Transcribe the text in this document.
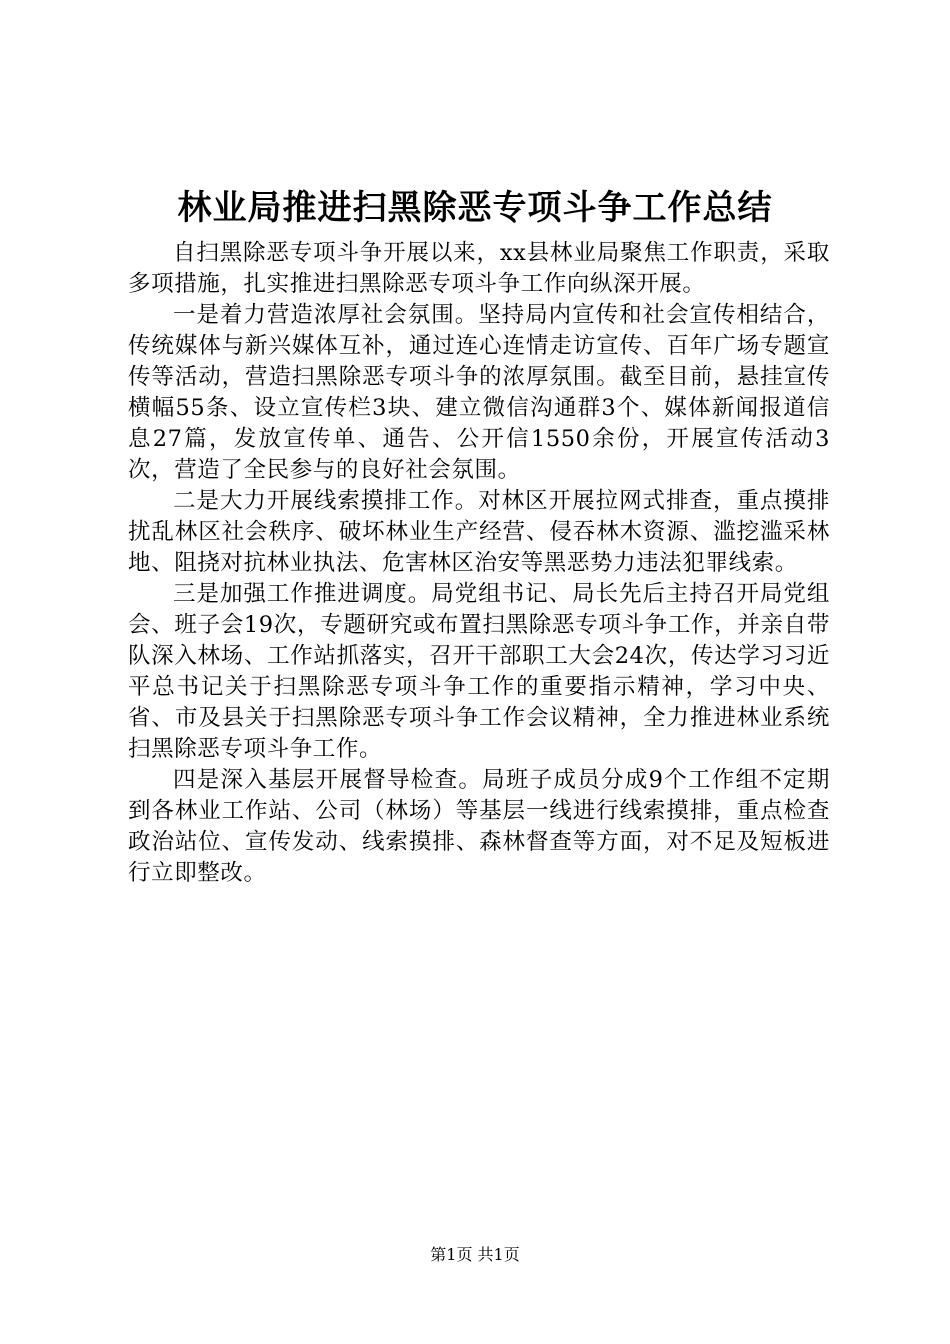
林业局推进扫黑除恶专项斗争工作总结

自扫黑除恶专项斗争开展以来，xx县林业局聚焦工作职责，采取多项措施，扎实推进扫黑除恶专项斗争工作向纵深开展。

一是着力营造浓厚社会氛围。坚持局内宣传和社会宣传相结合，传统媒体与新兴媒体互补，通过连心连情走访宣传、百年广场专题宣传等活动，营造扫黑除恶专项斗争的浓厚氛围。截至目前，悬挂宣传横幅55条、设立宣传栏3块、建立微信沟通群3个、媒体新闻报道信息27篇，发放宣传单、通告、公开信1550余份，开展宣传活动3次，营造了全民参与的良好社会氛围。

二是大力开展线索摸排工作。对林区开展拉网式排查，重点摸排扰乱林区社会秩序、破坏林业生产经营、侵吞林木资源、滥挖滥采林地、阻挠对抗林业执法、危害林区治安等黑恶势力违法犯罪线索。

三是加强工作推进调度。局党组书记、局长先后主持召开局党组会、班子会19次，专题研究或布置扫黑除恶专项斗争工作，并亲自带队深入林场、工作站抓落实，召开干部职工大会24次，传达学习习近平总书记关于扫黑除恶专项斗争工作的重要指示精神，学习中央、省、市及县关于扫黑除恶专项斗争工作会议精神，全力推进林业系统扫黑除恶专项斗争工作。

四是深入基层开展督导检查。局班子成员分成9个工作组不定期到各林业工作站、公司（林场）等基层一线进行线索摸排，重点检查政治站位、宣传发动、线索摸排、森林督查等方面，对不足及短板进行立即整改。

第1页 共1页
